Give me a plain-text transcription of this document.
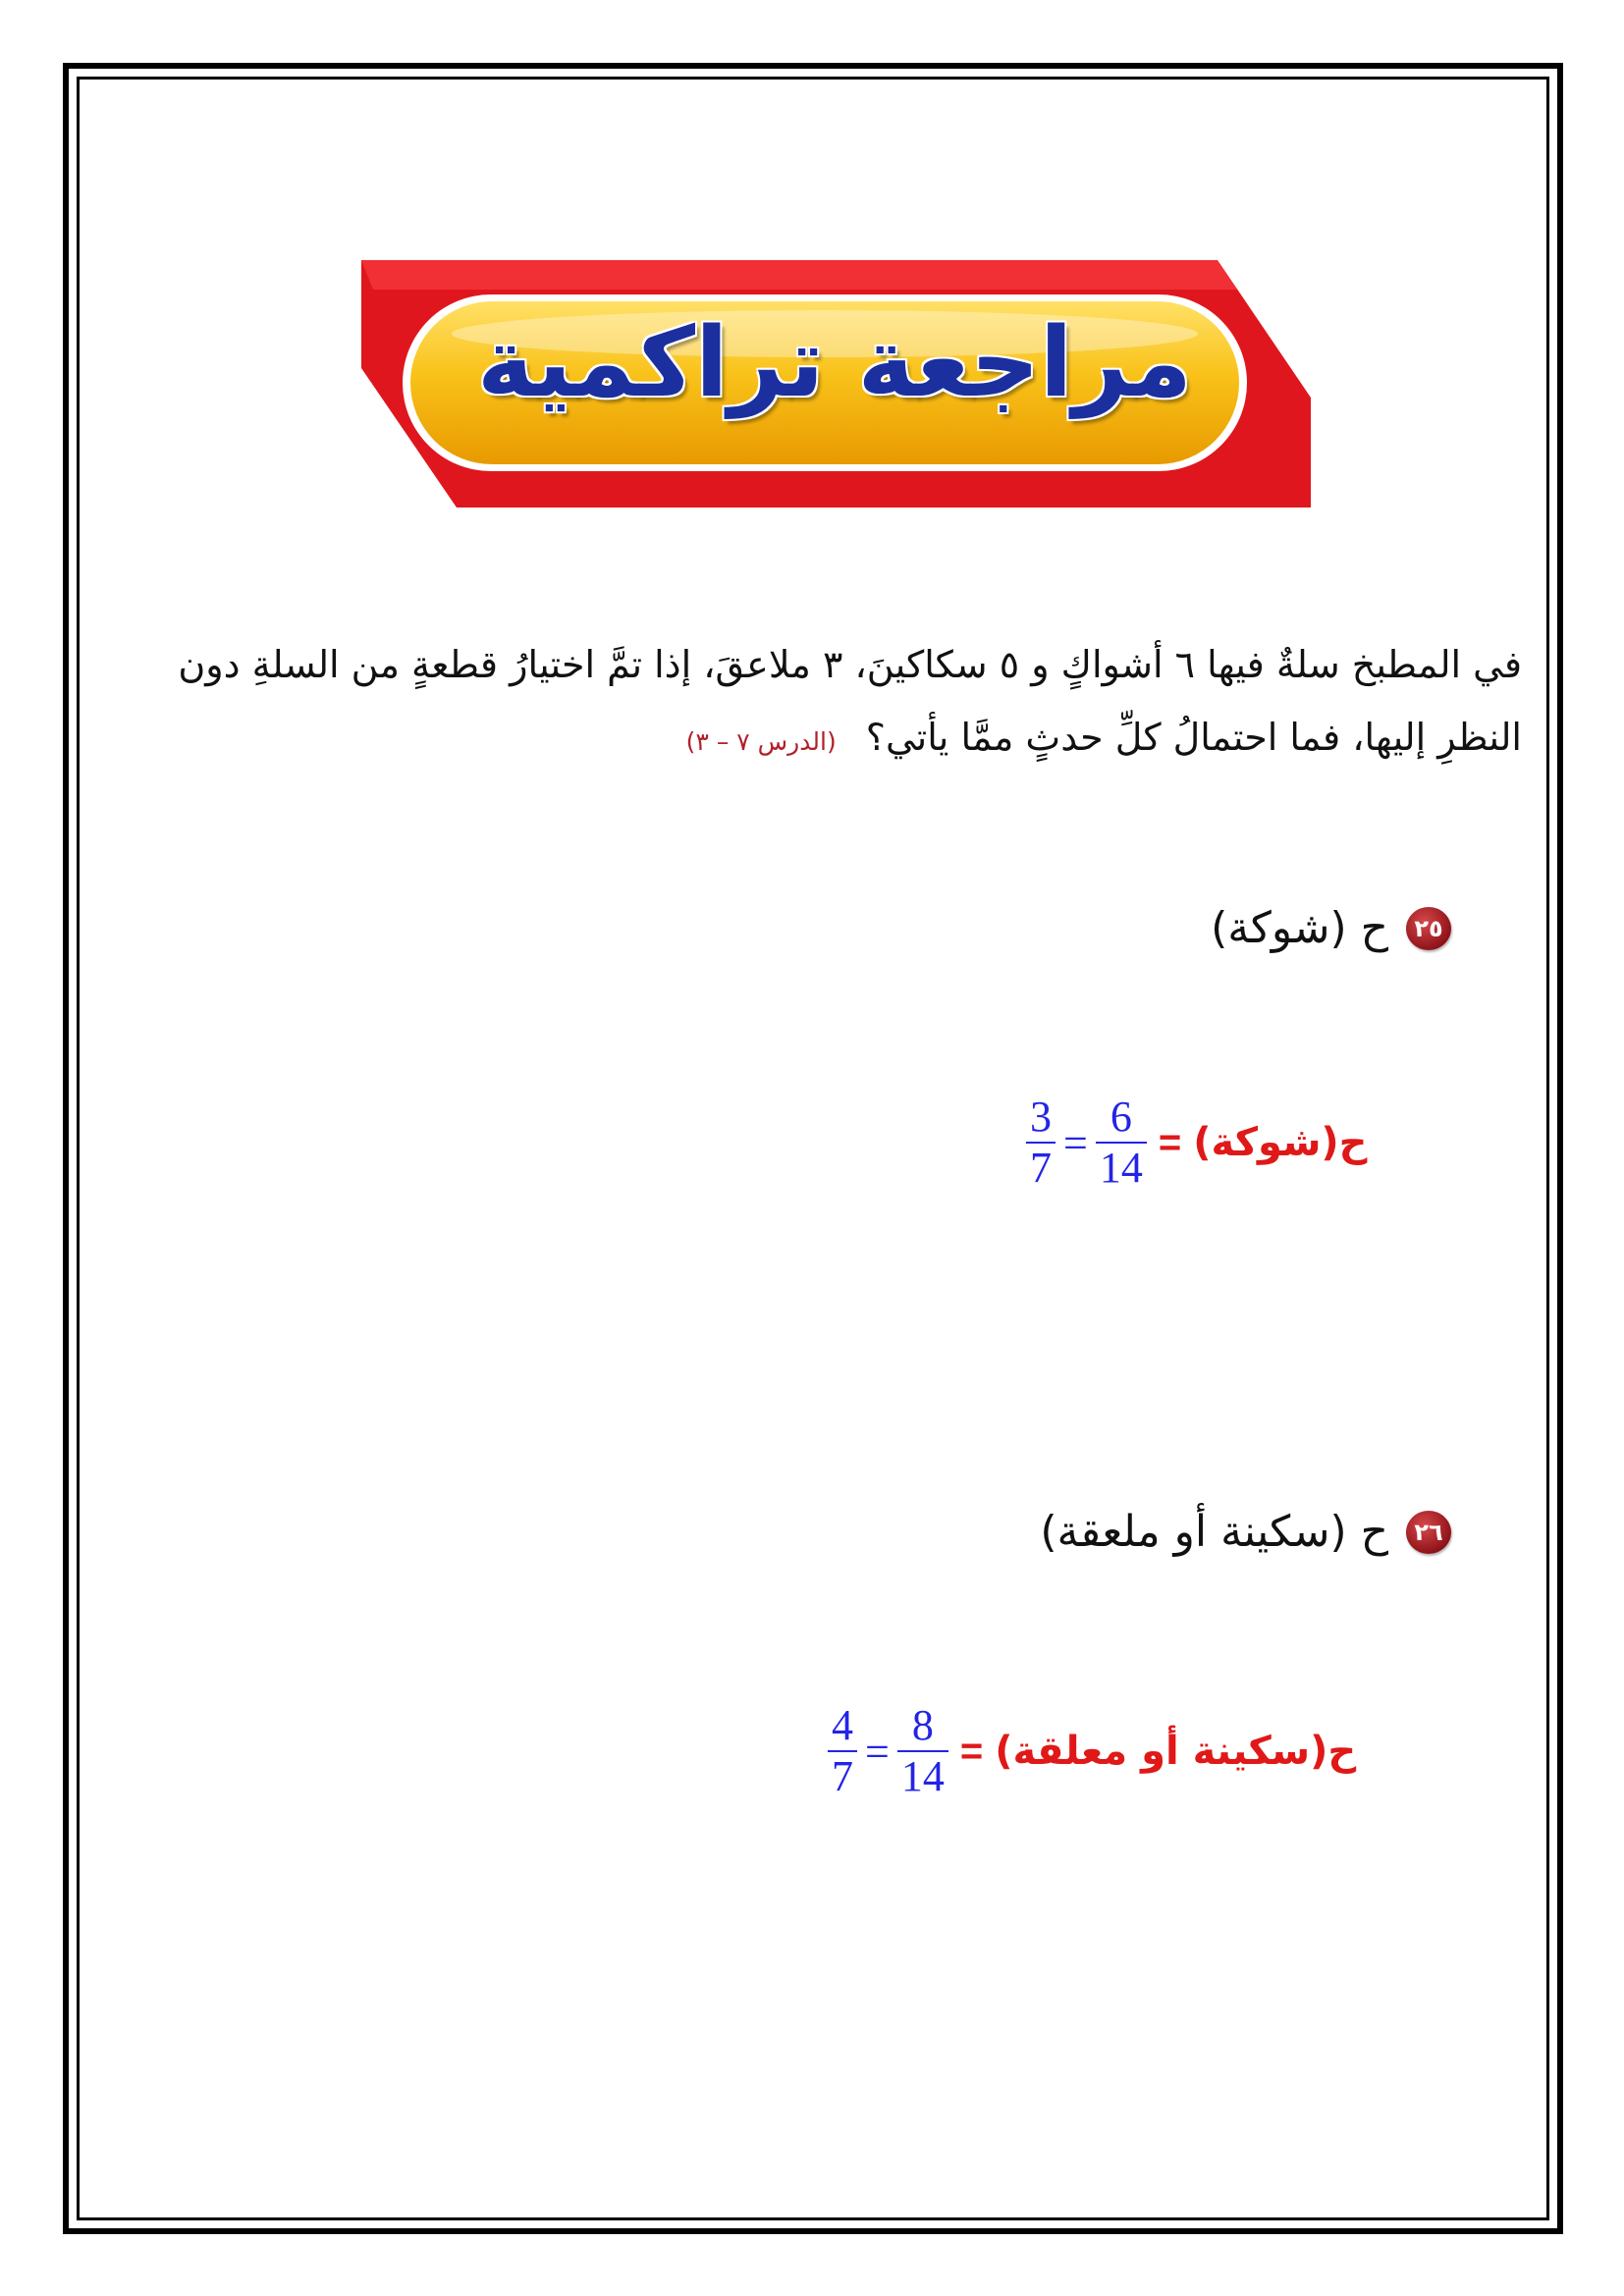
مراجعة تراكمية
في المطبخ سلةٌ فيها ٦ أشواكٍ و ٥ سكاكينَ، ٣ ملاعقَ، إذا تمَّ اختيارُ قطعةٍ من السلةِ دون النظرِ إليها، فما احتمالُ كلِّ حدثٍ ممَّا يأتي؟ (الدرس ٧ – ٣)
٢٥
ح (شوكة)
$\frac{3}{7} = \frac{6}{14}$ = ح(شوكة)
٢٦
ح (سكينة أو ملعقة)
$\frac{4}{7} = \frac{8}{14}$ = ح(سكينة أو معلقة)
